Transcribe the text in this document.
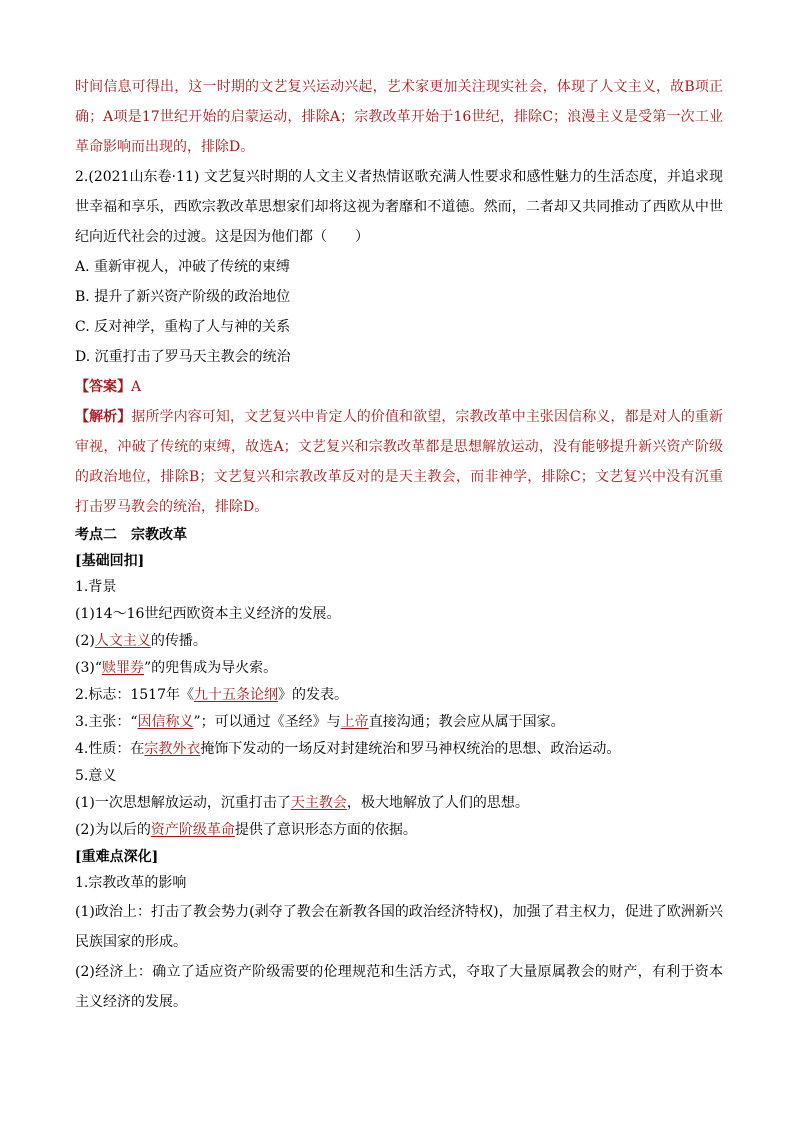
时间信息可得出，这一时期的文艺复兴运动兴起，艺术家更加关注现实社会，体现了人文主义，故B项正确；A项是17世纪开始的启蒙运动，排除A；宗教改革开始于16世纪，排除C；浪漫主义是受第一次工业革命影响而出现的，排除D。

2.(2021山东卷·11) 文艺复兴时期的人文主义者热情讴歌充满人性要求和感性魅力的生活态度，并追求现世幸福和享乐，西欧宗教改革思想家们却将这视为奢靡和不道德。然而，二者却又共同推动了西欧从中世纪向近代社会的过渡。这是因为他们都（　　）

A. 重新审视人，冲破了传统的束缚

B. 提升了新兴资产阶级的政治地位

C. 反对神学，重构了人与神的关系

D. 沉重打击了罗马天主教会的统治

【答案】A

【解析】据所学内容可知，文艺复兴中肯定人的价值和欲望，宗教改革中主张因信称义，都是对人的重新审视，冲破了传统的束缚，故选A；文艺复兴和宗教改革都是思想解放运动，没有能够提升新兴资产阶级的政治地位，排除B；文艺复兴和宗教改革反对的是天主教会，而非神学，排除C；文艺复兴中没有沉重打击罗马教会的统治，排除D。

考点二　宗教改革

[基础回扣]

1.背景

(1)14～16世纪西欧资本主义经济的发展。

(2)人文主义的传播。

(3)“赎罪券”的兜售成为导火索。

2.标志：1517年《九十五条论纲》的发表。

3.主张：“因信称义”；可以通过《圣经》与上帝直接沟通；教会应从属于国家。

4.性质：在宗教外衣掩饰下发动的一场反对封建统治和罗马神权统治的思想、政治运动。

5.意义

(1)一次思想解放运动，沉重打击了天主教会，极大地解放了人们的思想。

(2)为以后的资产阶级革命提供了意识形态方面的依据。

[重难点深化]

1.宗教改革的影响

(1)政治上：打击了教会势力(剥夺了教会在新教各国的政治经济特权)，加强了君主权力，促进了欧洲新兴民族国家的形成。

(2)经济上：确立了适应资产阶级需要的伦理规范和生活方式，夺取了大量原属教会的财产，有利于资本主义经济的发展。
